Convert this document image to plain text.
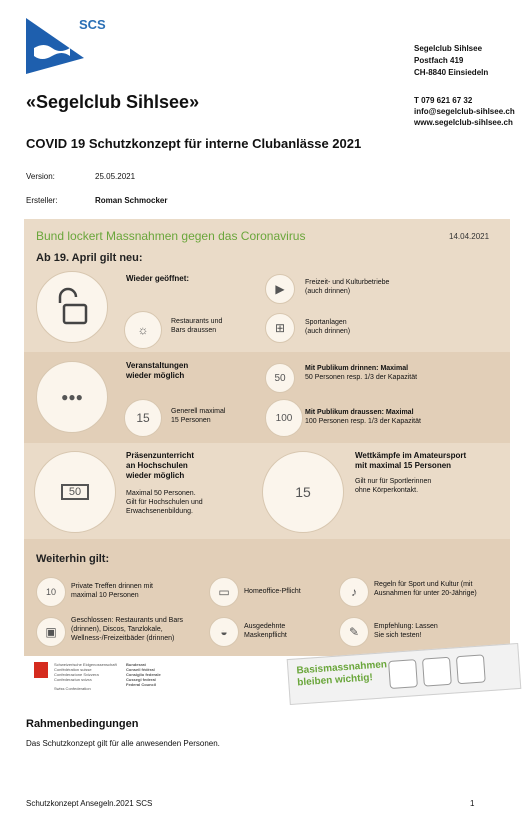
SCS
Segelclub Sihlsee
Postfach 419
CH-8840 Einsiedeln
T 079 621 67 32
info@segelclub-sihlsee.ch
www.segelclub-sihlsee.ch
«Segelclub Sihlsee»
COVID 19 Schutzkonzept für interne Clubanlässe 2021
Version:	25.05.2021
Ersteller:	Roman Schmocker
Bund lockert Massnahmen gegen das Coronavirus	14.04.2021
Ab 19. April gilt neu:
Wieder geöffnet:
☼
Restaurants und
Bars draussen
▶	Freizeit- und Kulturbetriebe
(auch drinnen)
⊞	Sportanlagen
(auch drinnen)
●●●
Veranstaltungen
wieder möglich
15	Generell maximal
15 Personen
50
Mit Publikum drinnen: Maximal
50 Personen resp. 1/3 der Kapazität
100 Mit Publikum draussen: Maximal
100 Personen resp. 1/3 der Kapazität
50
Präsenzunterricht
an Hochschulen
wieder möglich
Maximal 50 Personen.
Gilt für Hochschulen und
Erwachsenenbildung.
15
Wettkämpfe im Amateursport
mit maximal 15 Personen
Gilt nur für Sportlerinnen
ohne Körperkontakt.
Weiterhin gilt:
10
Private Treffen drinnen mit
maximal 10 Personen	▭ Homeoffice-Pflicht	♪
Regeln für Sport und Kultur (mit
Ausnahmen für unter 20-Jährige)
▣
Geschlossen: Restaurants und Bars
(drinnen), Discos, Tanzlokale,
Wellness-/Freizeitbäder (drinnen)	◒ Ausgedehnte
Maskenpflicht	✎ Empfehlung: Lassen
Sie sich testen!
Schweizerische Eidgenossenschaft
Confédération suisse
Confederazione Svizzera
Confederaziun svizra
Swiss Confederation
Bundesrat
Conseil fédéral
Consiglio federale
Cussegl federal
Federal Council
Basismassnahmen bleiben wichtig!
Rahmenbedingungen
Das Schutzkonzept gilt für alle anwesenden Personen.
Schutzkonzept Ansegeln.2021 SCS	1
